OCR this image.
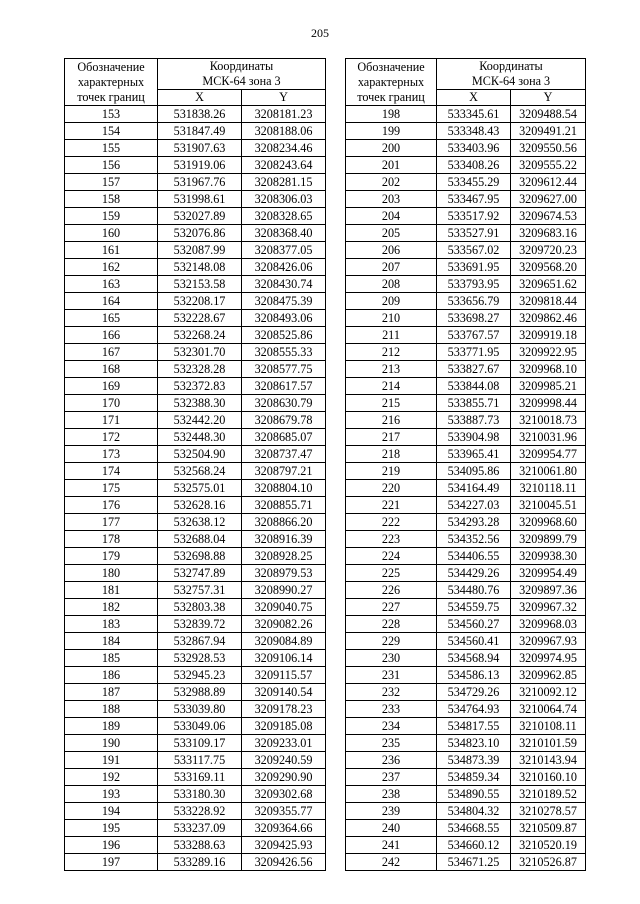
205
Обозначение характерных точек границ	Координаты
МСК-64 зона 3	

	X	Y
153	531838.26	3208181.23
154	531847.49	3208188.06
155	531907.63	3208234.46
156	531919.06	3208243.64
157	531967.76	3208281.15
158	531998.61	3208306.03
159	532027.89	3208328.65
160	532076.86	3208368.40
161	532087.99	3208377.05
162	532148.08	3208426.06
163	532153.58	3208430.74
164	532208.17	3208475.39
165	532228.67	3208493.06
166	532268.24	3208525.86
167	532301.70	3208555.33
168	532328.28	3208577.75
169	532372.83	3208617.57
170	532388.30	3208630.79
171	532442.20	3208679.78
172	532448.30	3208685.07
173	532504.90	3208737.47
174	532568.24	3208797.21
175	532575.01	3208804.10
176	532628.16	3208855.71
177	532638.12	3208866.20
178	532688.04	3208916.39
179	532698.88	3208928.25
180	532747.89	3208979.53
181	532757.31	3208990.27
182	532803.38	3209040.75
183	532839.72	3209082.26
184	532867.94	3209084.89
185	532928.53	3209106.14
186	532945.23	3209115.57
187	532988.89	3209140.54
188	533039.80	3209178.23
189	533049.06	3209185.08
190	533109.17	3209233.01
191	533117.75	3209240.59
192	533169.11	3209290.90
193	533180.30	3209302.68
194	533228.92	3209355.77
195	533237.09	3209364.66
196	533288.63	3209425.93
197	533289.16	3209426.56
Обозначение характерных точек границ	Координаты
МСК-64 зона 3	

	X	Y
198	533345.61	3209488.54
199	533348.43	3209491.21
200	533403.96	3209550.56
201	533408.26	3209555.22
202	533455.29	3209612.44
203	533467.95	3209627.00
204	533517.92	3209674.53
205	533527.91	3209683.16
206	533567.02	3209720.23
207	533691.95	3209568.20
208	533793.95	3209651.62
209	533656.79	3209818.44
210	533698.27	3209862.46
211	533767.57	3209919.18
212	533771.95	3209922.95
213	533827.67	3209968.10
214	533844.08	3209985.21
215	533855.71	3209998.44
216	533887.73	3210018.73
217	533904.98	3210031.96
218	533965.41	3209954.77
219	534095.86	3210061.80
220	534164.49	3210118.11
221	534227.03	3210045.51
222	534293.28	3209968.60
223	534352.56	3209899.79
224	534406.55	3209938.30
225	534429.26	3209954.49
226	534480.76	3209897.36
227	534559.75	3209967.32
228	534560.27	3209968.03
229	534560.41	3209967.93
230	534568.94	3209974.95
231	534586.13	3209962.85
232	534729.26	3210092.12
233	534764.93	3210064.74
234	534817.55	3210108.11
235	534823.10	3210101.59
236	534873.39	3210143.94
237	534859.34	3210160.10
238	534890.55	3210189.52
239	534804.32	3210278.57
240	534668.55	3210509.87
241	534660.12	3210520.19
242	534671.25	3210526.87
